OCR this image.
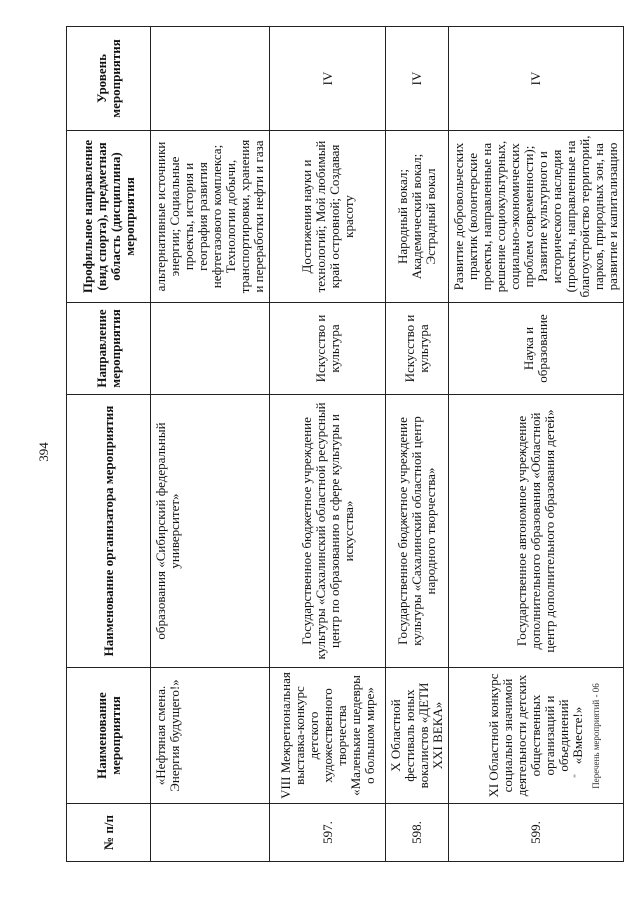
394
№ п/п	Наименование мероприятия	Наименование организатора мероприятия	Направление мероприятия	Профильное направление (вид спорта), предметная область (дисциплина) мероприятия	Уровень мероприятия
	«Нефтяная смена. Энергия будущего!»	образования «Сибирский федеральный университет»		альтернативные источники энергии; Социальные проекты, история и география развития нефтегазового комплекса; Технологии добычи, транспортировки, хранения и переработки нефти и газа	
597.	VIII Межрегиональная выставка-конкурс детского художественного творчества «Маленькие шедевры о большом мире»	Государственное бюджетное учреждение культуры «Сахалинский областной ресурсный центр по образованию в сфере культуры и искусства»	Искусство и культура	Достижения науки и технологий; Мой любимый край островной; Создавая красоту	IV
598.	X Областной фестиваль юных вокалистов «ДЕТИ XXI ВЕКА»	Государственное бюджетное учреждение культуры «Сахалинский областной центр народного творчества»	Искусство и культура	Народный вокал; Академический вокал; Эстрадный вокал	IV
599.	XI Областной конкурс социально значимой деятельности детских общественных организаций и объединений «Вместе!»	Государственное автономное учреждение дополнительного образования «Областной центр дополнительного образования детей»	Наука и образование	Развитие добровольческих практик (волонтерские проекты, направленные на решение социокультурных, социально-экономических проблем современности); Развитие культурного и исторического наследия (проекты, направленные на благоустройство территорий, парков, природных зон, на развитие и капитализацию	IV
* Перечень мероприятий - 06
